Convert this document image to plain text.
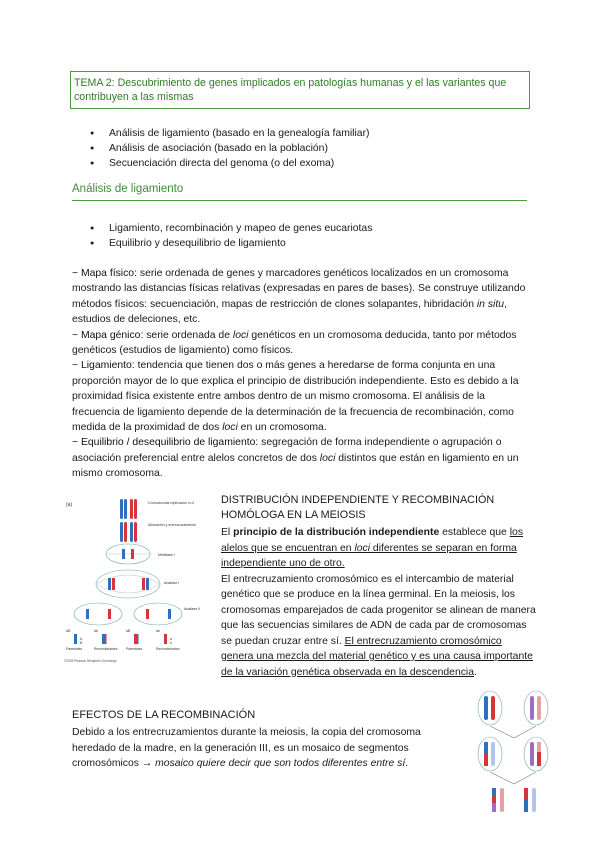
TEMA 2: Descubrimiento de genes implicados en patologías humanas y el las variantes que contribuyen a las mismas
● Análisis de ligamiento (basado en la genealogía familiar)
● Análisis de asociación (basado en la población)
● Secuenciación directa del genoma (o del exoma)
Análisis de ligamiento
● Ligamiento, recombinación y mapeo de genes eucariotas
● Equilibrio y desequilibrio de ligamiento
~ Mapa físico: serie ordenada de genes y marcadores genéticos localizados en un cromosoma mostrando las distancias físicas relativas (expresadas en pares de bases). Se construye utilizando métodos físicos: secuenciación, mapas de restricción de clones solapantes, hibridación in situ, estudios de deleciones, etc.
~ Mapa génico: serie ordenada de loci genéticos en un cromosoma deducida, tanto por métodos genéticos (estudios de ligamiento) como físicos.
~ Ligamiento: tendencia que tienen dos o más genes a heredarse de forma conjunta en una proporción mayor de lo que explica el principio de distribución independiente. Esto es debido a la proximidad física existente entre ambos dentro de un mismo cromosoma. El análisis de la frecuencia de ligamiento depende de la determinación de la frecuencia de recombinación, como medida de la proximidad de dos loci en un cromosoma.
~ Equilibrio / desequilibrio de ligamiento: segregación de forma independiente o agrupación o asociación preferencial entre alelos concretos de dos loci distintos que están en ligamiento en un mismo cromosoma.
(a)	Cromosomas replicados n=4
Alineación y entrecruzamiento
Metafase I
Anafase I
Anafase II
Parentales	Recombinantes Parentales	Recombinantes
A
B
a
b
AB	Ab	aB	ab
©2009 Pearson Benjamin Cummings
DISTRIBUCIÓN INDEPENDIENTE Y RECOMBINACIÓN HOMÓLOGA EN LA MEIOSIS
El principio de la distribución independiente establece que los alelos que se encuentran en loci diferentes se separan en forma independiente uno de otro.
El entrecruzamiento cromosómico es el intercambio de material genético que se produce en la línea germinal. En la meiosis, los cromosomas emparejados de cada progenitor se alinean de manera que las secuencias similares de ADN de cada par de cromosomas se puedan cruzar entre sí. El entrecruzamiento cromosómico genera una mezcla del material genético y es una causa importante de la variación genética observada en la descendencia.
EFECTOS DE LA RECOMBINACIÓN
Debido a los entrecruzamientos durante la meiosis, la copia del cromosoma heredado de la madre, en la generación III, es un mosaico de segmentos cromosómicos → mosaico quiere decir que son todos diferentes entre sí.
